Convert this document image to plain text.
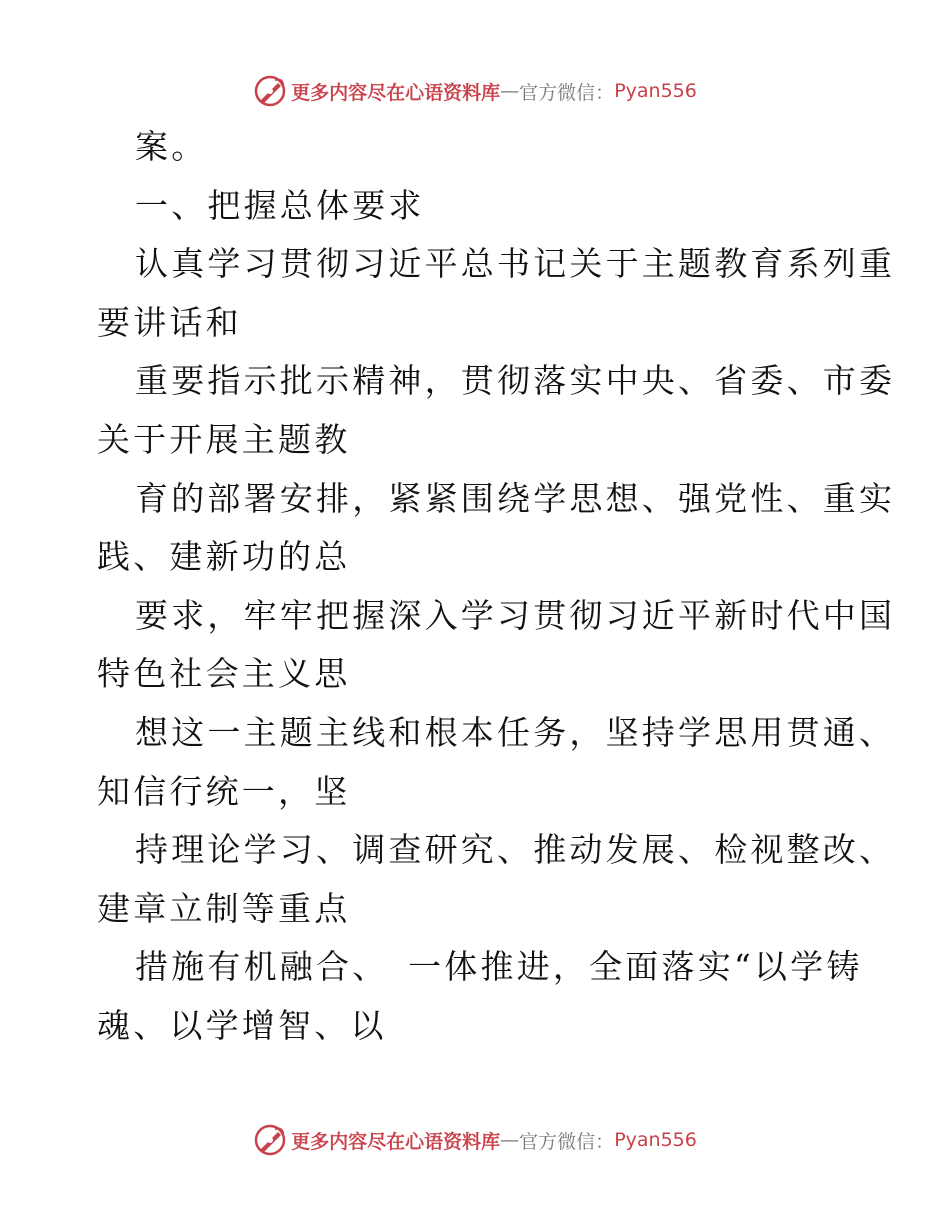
更多内容尽在心语资料库 — 官方微信： Pyan556
案。
一、把握总体要求
认真学习贯彻习近平总书记关于主题教育系列重
要讲话和
重要指示批示精神，贯彻落实中央、省委、市委
关于开展主题教
育的部署安排，紧紧围绕学思想、强党性、重实
践、建新功的总
要求，牢牢把握深入学习贯彻习近平新时代中国
特色社会主义思
想这一主题主线和根本任务，坚持学思用贯通、
知信行统一，坚
持理论学习、调查研究、推动发展、检视整改、
建章立制等重点
措施有机融合、　一体推进，全面落实“以学铸
魂、以学增智、以
更多内容尽在心语资料库 — 官方微信： Pyan556
